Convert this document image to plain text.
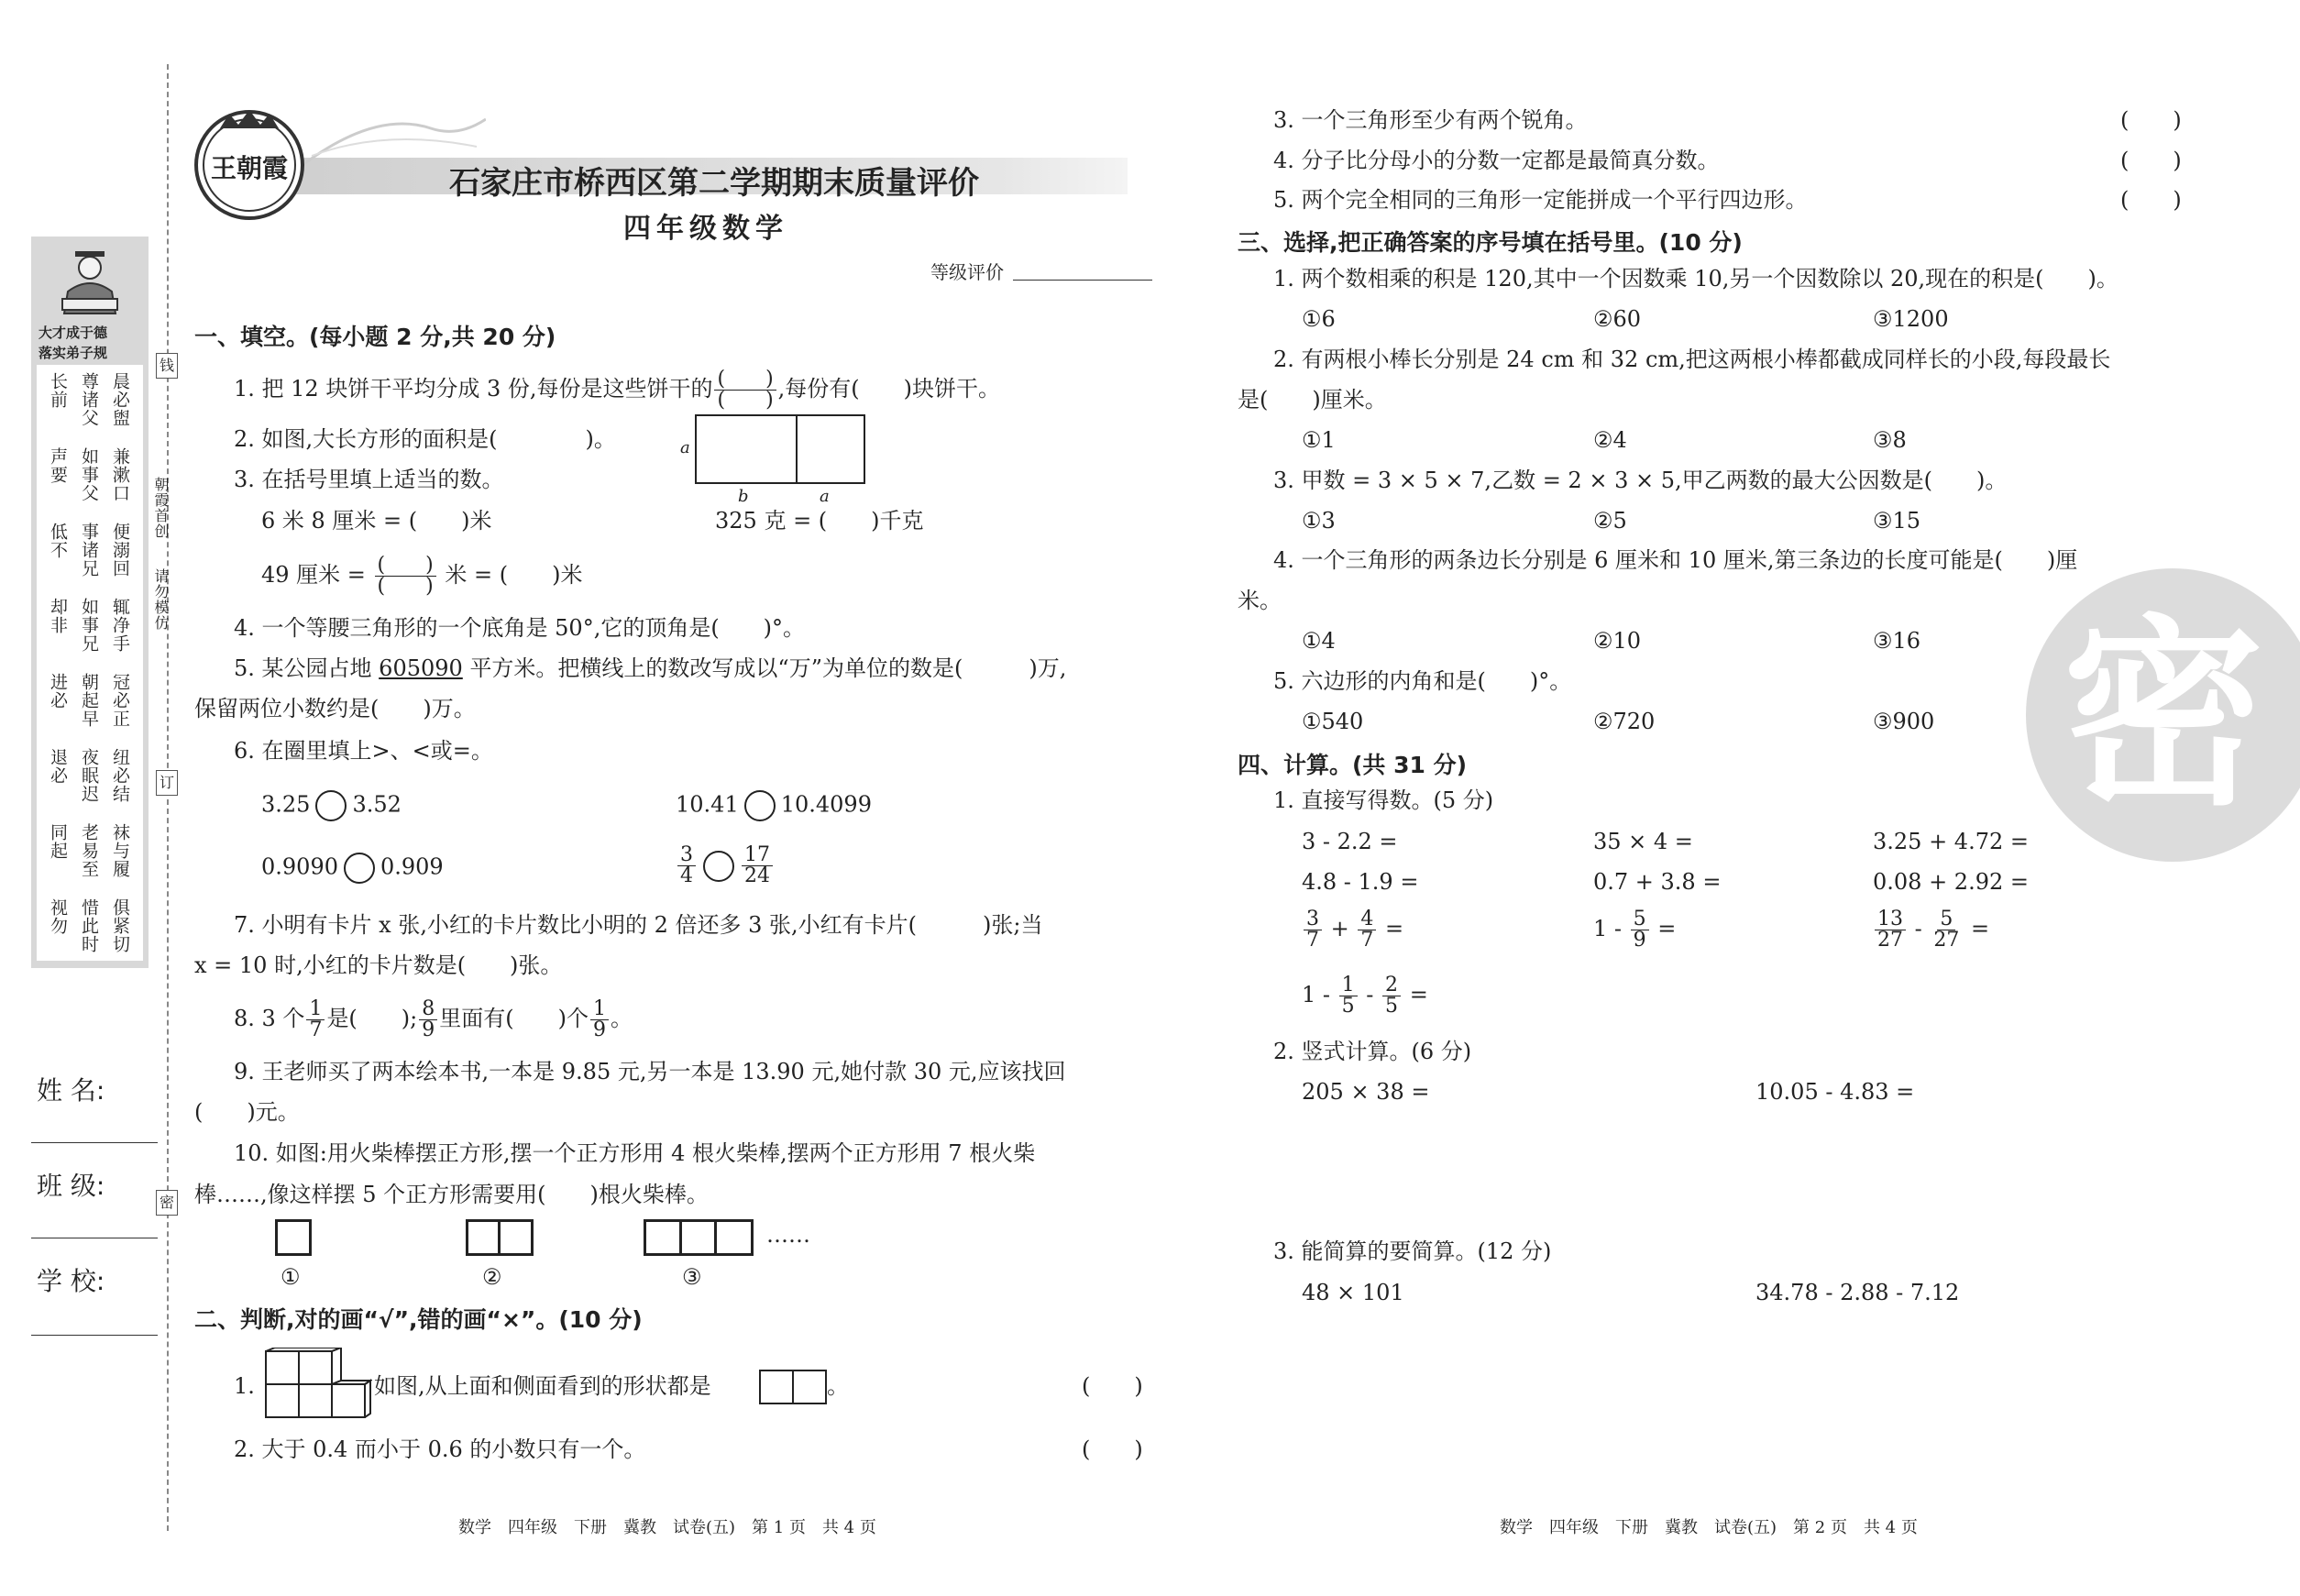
钱
订
密
朝霞首创
请勿模仿
大才成于德
落实弟子规
晨必盥
兼漱口
便溺回
辄净手
冠必正
纽必结
袜与履
俱紧切
尊诸父
如事父
事诸兄
如事兄
朝起早
夜眠迟
老易至
惜此时
长前
声要
低不
却非
进必
退必
同起
视勿
姓 名:
班 级:
学 校:
王朝霞	石家庄市桥西区第二学期期末质量评价
四年级数学
等级评价
一、填空。(每小题 2 分,共 20 分)
1. 把 12 块饼干平均分成 3 份,每份是这些饼干的 $\frac{( )}{( )}$ ,每份有(　　)块饼干。
2. 如图,大长方形的面积是(　　　　)。	a
b	a
3. 在括号里填上适当的数。
6 米 8 厘米 = (　　)米	325 克 = (　　)千克
49 厘米 = $\frac{( )}{( )}$ 米 = (　　)米
4. 一个等腰三角形的一个底角是 50°,它的顶角是(　　)°。
5. 某公园占地 605090 平方米。把横线上的数改写成以“万”为单位的数是(　　　)万,
保留两位小数约是(　　)万。
6. 在圈里填上>、<或=。
3.25 3.52	10.41 10.4099
0.9090 0.909	$\frac{3}{4} \frac{17}{24}$
7. 小明有卡片 x 张,小红的卡片数比小明的 2 倍还多 3 张,小红有卡片(　　　)张;当
x = 10 时,小红的卡片数是(　　)张。
8. 3 个 $\frac{1}{7}$ 是(　　); $\frac{8}{9}$ 里面有(　　)个 $\frac{1}{9}$ 。
9. 王老师买了两本绘本书,一本是 9.85 元,另一本是 13.90 元,她付款 30 元,应该找回
(　　)元。
10. 如图:用火柴棒摆正方形,摆一个正方形用 4 根火柴棒,摆两个正方形用 7 根火柴
棒……,像这样摆 5 个正方形需要用(　　)根火柴棒。
①	②	③
……
二、判断,对的画“√”,错的画“×”。(10 分)
1.	如图,从上面和侧面看到的形状都是	。	(　　)
2. 大于 0.4 而小于 0.6 的小数只有一个。	(　　)
3. 一个三角形至少有两个锐角。	(　　)
4. 分子比分母小的分数一定都是最简真分数。	(　　)
5. 两个完全相同的三角形一定能拼成一个平行四边形。	(　　)
三、选择,把正确答案的序号填在括号里。(10 分)
1. 两个数相乘的积是 120,其中一个因数乘 10,另一个因数除以 20,现在的积是(　　)。
①6	②60	③1200
2. 有两根小棒长分别是 24 cm 和 32 cm,把这两根小棒都截成同样长的小段,每段最长
是(　　)厘米。
①1	②4	③8
3. 甲数 = 3 × 5 × 7,乙数 = 2 × 3 × 5,甲乙两数的最大公因数是(　　)。
①3	②5	③15
4. 一个三角形的两条边长分别是 6 厘米和 10 厘米,第三条边的长度可能是(　　)厘
米。
①4	②10	③16
5. 六边形的内角和是(　　)°。
①540	②720	③900
四、计算。(共 31 分)
1. 直接写得数。(5 分)
3 - 2.2 =	35 × 4 =	3.25 + 4.72 =
4.8 - 1.9 =	0.7 + 3.8 =	0.08 + 2.92 =
$\frac{3}{7} + \frac{4}{7}$ =	$1 - \frac{5}{9}$ =	$\frac{13}{27} - \frac{5}{27}$ =
$1 - \frac{1}{5} - \frac{2}{5}$ =
2. 竖式计算。(6 分)
205 × 38 =	10.05 - 4.83 =
3. 能简算的要简算。(12 分)
48 × 101	34.78 - 2.88 - 7.12
密
数学　四年级　下册　冀教　试卷(五)　第 1 页　共 4 页	数学　四年级　下册　冀教　试卷(五)　第 2 页　共 4 页
